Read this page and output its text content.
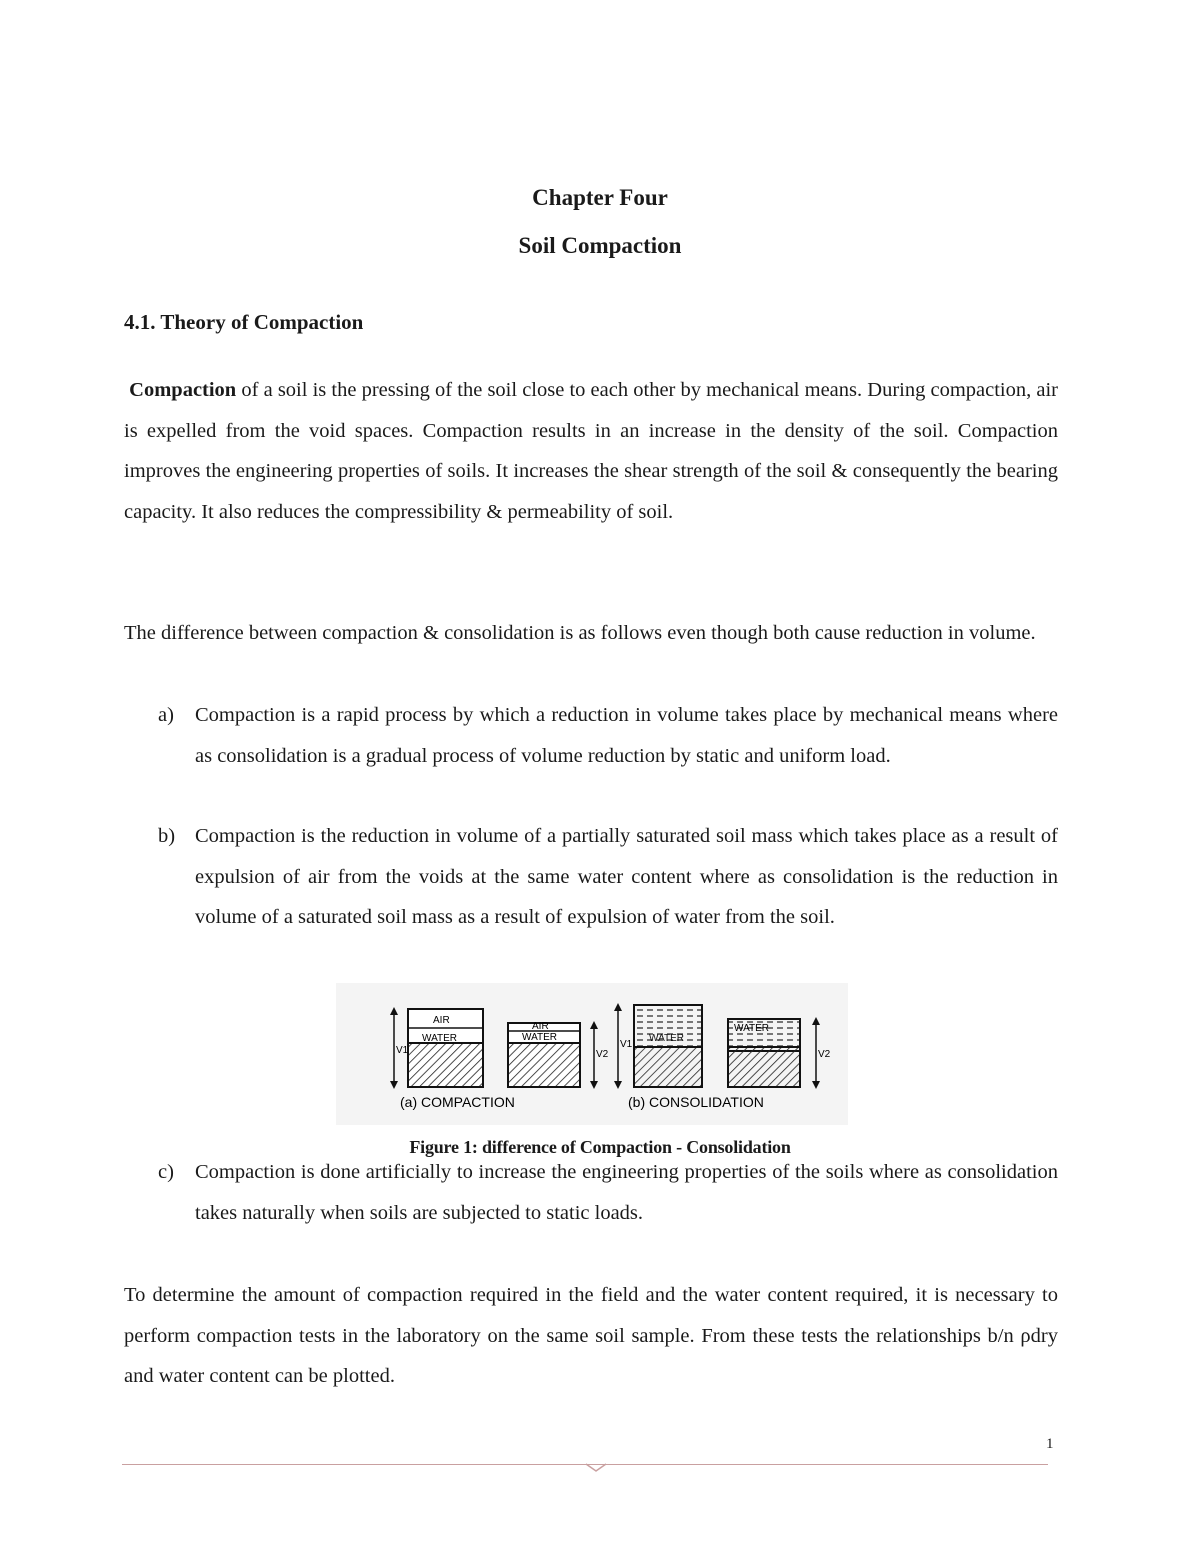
Chapter Four
Soil Compaction
4.1. Theory of Compaction
Compaction of a soil is the pressing of the soil close to each other by mechanical means. During compaction, air is expelled from the void spaces. Compaction results in an increase in the density of the soil. Compaction improves the engineering properties of soils. It increases the shear strength of the soil & consequently the bearing capacity. It also reduces the compressibility & permeability of soil.
The difference between compaction & consolidation is as follows even though both cause reduction in volume.
a)	Compaction is a rapid process by which a reduction in volume takes place by mechanical means where as consolidation is a gradual process of volume reduction by static and uniform load.
b) Compaction is the reduction in volume of a partially saturated soil mass which takes place as a result of expulsion of air from the voids at the same water content where as consolidation is the reduction in volume of a saturated soil mass as a result of expulsion of water from the soil.
AIR
WATER
V1
AIR
WATER
V2
WATER
V1
WATER
V2
(a) COMPACTION	(b) CONSOLIDATION
Figure 1: difference of Compaction - Consolidation
c)	Compaction is done artificially to increase the engineering properties of the soils where as consolidation takes naturally when soils are subjected to static loads.
To determine the amount of compaction required in the field and the water content required, it is necessary to perform compaction tests in the laboratory on the same soil sample. From these tests the relationships b/n ρdry and water content can be plotted.
1
